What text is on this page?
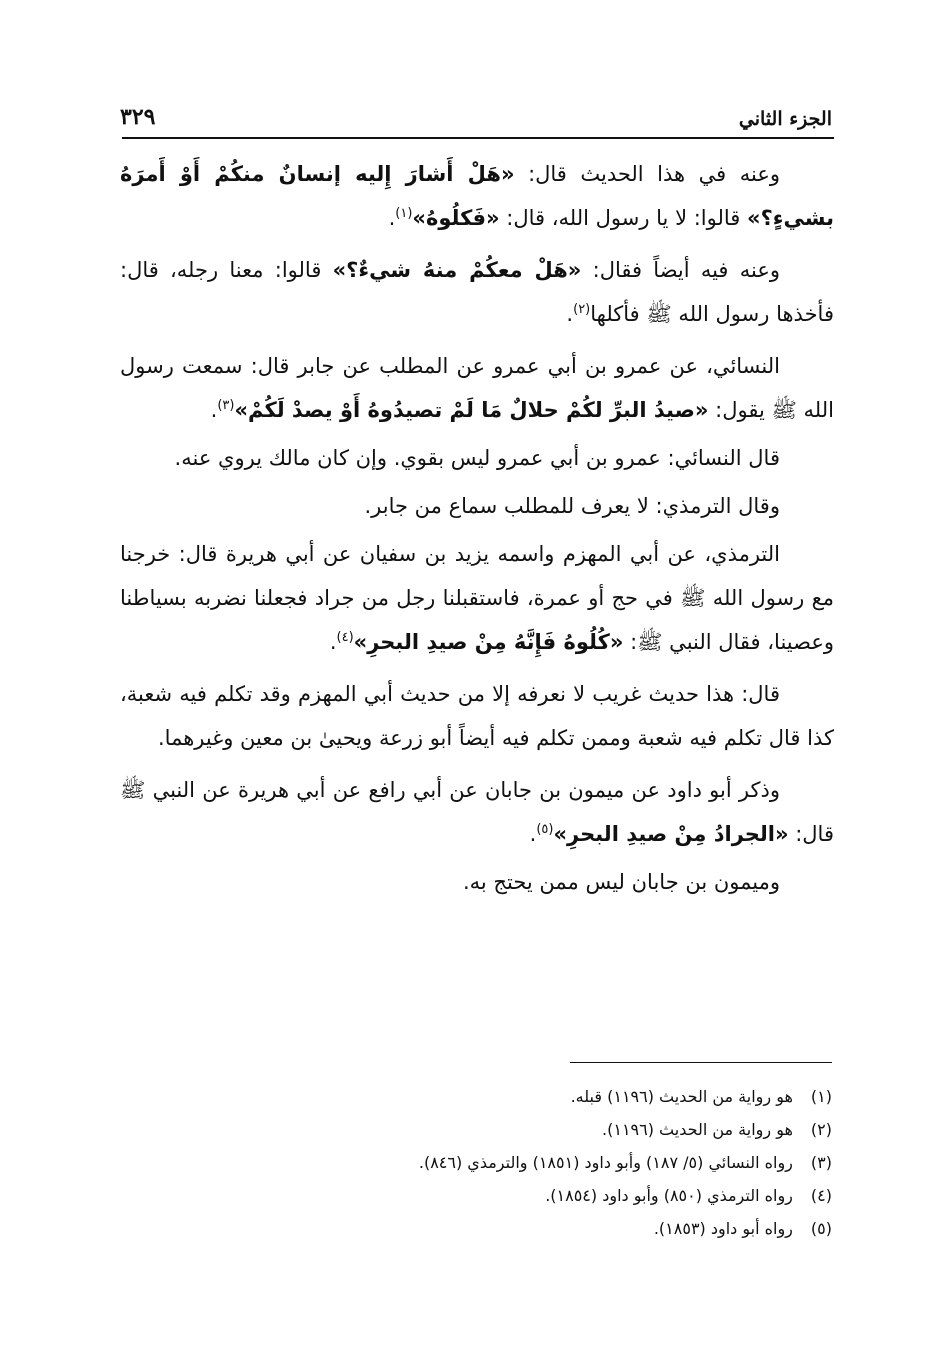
الجزء الثاني
٣٢٩

وعنه في هذا الحديث قال: «هَلْ أَشارَ إِليه إنسانٌ منكُمْ أَوْ أَمرَهُ بشيءٍ؟» قالوا: لا يا رسول الله، قال: «فَكلُوهُ»$^{(١)}$.

وعنه فيه أيضاً فقال: «هَلْ معكُمْ منهُ شيءٌ؟» قالوا: معنا رجله، قال: فأخذها رسول الله ﷺ فأكلها$^{(٢)}$.

النسائي، عن عمرو بن أبي عمرو عن المطلب عن جابر قال: سمعت رسول الله ﷺ يقول: «صيدُ البرِّ لكُمْ حلالٌ مَا لَمْ تصيدُوهُ أَوْ يصدْ لَكُمْ»$^{(٣)}$.

قال النسائي: عمرو بن أبي عمرو ليس بقوي. وإن كان مالك يروي عنه.

وقال الترمذي: لا يعرف للمطلب سماع من جابر.

الترمذي، عن أبي المهزم واسمه يزيد بن سفيان عن أبي هريرة قال: خرجنا مع رسول الله ﷺ في حج أو عمرة، فاستقبلنا رجل من جراد فجعلنا نضربه بسياطنا وعصينا، فقال النبي ﷺ: «كُلُوهُ فَإِنَّهُ مِنْ صيدِ البحرِ»$^{(٤)}$.

قال: هذا حديث غريب لا نعرفه إلا من حديث أبي المهزم وقد تكلم فيه شعبة، كذا قال تكلم فيه شعبة وممن تكلم فيه أيضاً أبو زرعة ويحيىٰ بن معين وغيرهما.

وذكر أبو داود عن ميمون بن جابان عن أبي رافع عن أبي هريرة عن النبي ﷺ قال: «الجرادُ مِنْ صيدِ البحرِ»$^{(٥)}$.

وميمون بن جابان ليس ممن يحتج به.

(١) هو رواية من الحديث (١١٩٦) قبله.

(٢) هو رواية من الحديث (١١٩٦).

(٣) رواه النسائي (٥/ ١٨٧) وأبو داود (١٨٥١) والترمذي (٨٤٦).

(٤) رواه الترمذي (٨٥٠) وأبو داود (١٨٥٤).

(٥) رواه أبو داود (١٨٥٣).
